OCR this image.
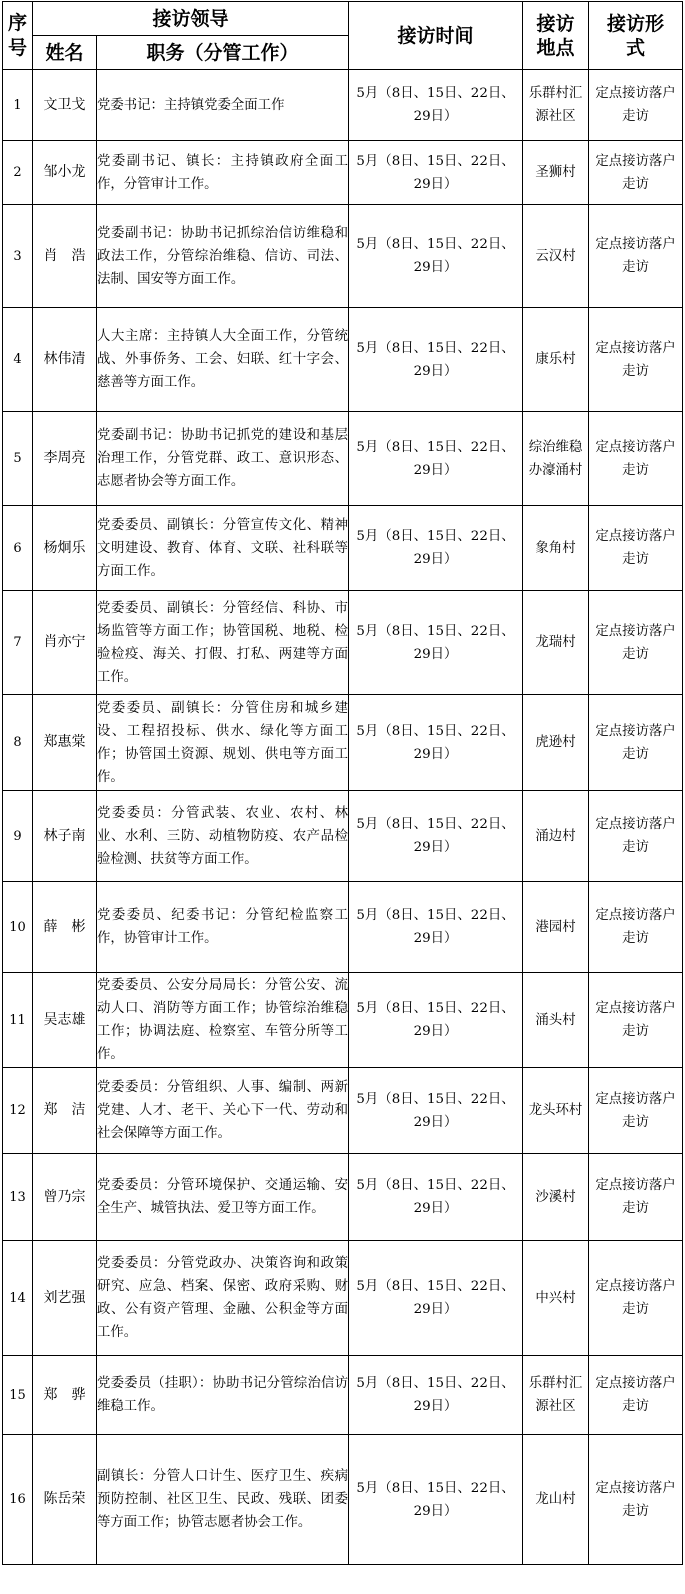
序号	接访领导		接访时间	接访地点	接访形式
	姓名	职务（分管工作）			
1	文卫戈	党委书记：主持镇党委全面工作	5月（8日、15日、22日、29日）	乐群村汇源社区	定点接访落户走访
2	邹小龙	党委副书记、镇长：主持镇政府全面工作，分管审计工作。	5月（8日、15日、22日、29日）	圣狮村	定点接访落户走访
3	肖　浩	党委副书记：协助书记抓综治信访维稳和政法工作，分管综治维稳、信访、司法、法制、国安等方面工作。	5月（8日、15日、22日、29日）	云汉村	定点接访落户走访
4	林伟清	人大主席：主持镇人大全面工作，分管统战、外事侨务、工会、妇联、红十字会、慈善等方面工作。	5月（8日、15日、22日、29日）	康乐村	定点接访落户走访
5	李周亮	党委副书记：协助书记抓党的建设和基层治理工作，分管党群、政工、意识形态、志愿者协会等方面工作。	5月（8日、15日、22日、29日）	综治维稳办濠涌村	定点接访落户走访
6	杨炯乐	党委委员、副镇长：分管宣传文化、精神文明建设、教育、体育、文联、社科联等方面工作。	5月（8日、15日、22日、29日）	象角村	定点接访落户走访
7	肖亦宁	党委委员、副镇长：分管经信、科协、市场监管等方面工作；协管国税、地税、检验检疫、海关、打假、打私、两建等方面工作。	5月（8日、15日、22日、29日）	龙瑞村	定点接访落户走访
8	郑惠棠	党委委员、副镇长：分管住房和城乡建设、工程招投标、供水、绿化等方面工作；协管国土资源、规划、供电等方面工作。	5月（8日、15日、22日、29日）	虎逊村	定点接访落户走访
9	林子南	党委委员：分管武装、农业、农村、林业、水利、三防、动植物防疫、农产品检验检测、扶贫等方面工作。	5月（8日、15日、22日、29日）	涌边村	定点接访落户走访
10	薛　彬	党委委员、纪委书记：分管纪检监察工作，协管审计工作。	5月（8日、15日、22日、29日）	港园村	定点接访落户走访
11	吴志雄	党委委员、公安分局局长：分管公安、流动人口、消防等方面工作；协管综治维稳工作；协调法庭、检察室、车管分所等工作。	5月（8日、15日、22日、29日）	涌头村	定点接访落户走访
12	郑　洁	党委委员：分管组织、人事、编制、两新党建、人才、老干、关心下一代、劳动和社会保障等方面工作。	5月（8日、15日、22日、29日）	龙头环村	定点接访落户走访
13	曾乃宗	党委委员：分管环境保护、交通运输、安全生产、城管执法、爱卫等方面工作。	5月（8日、15日、22日、29日）	沙溪村	定点接访落户走访
14	刘艺强	党委委员：分管党政办、决策咨询和政策研究、应急、档案、保密、政府采购、财政、公有资产管理、金融、公积金等方面工作。	5月（8日、15日、22日、29日）	中兴村	定点接访落户走访
15	郑　骅	党委委员（挂职）：协助书记分管综治信访维稳工作。	5月（8日、15日、22日、29日）	乐群村汇源社区	定点接访落户走访
16	陈岳荣	副镇长：分管人口计生、医疗卫生、疾病预防控制、社区卫生、民政、残联、团委等方面工作；协管志愿者协会工作。	5月（8日、15日、22日、29日）	龙山村	定点接访落户走访
